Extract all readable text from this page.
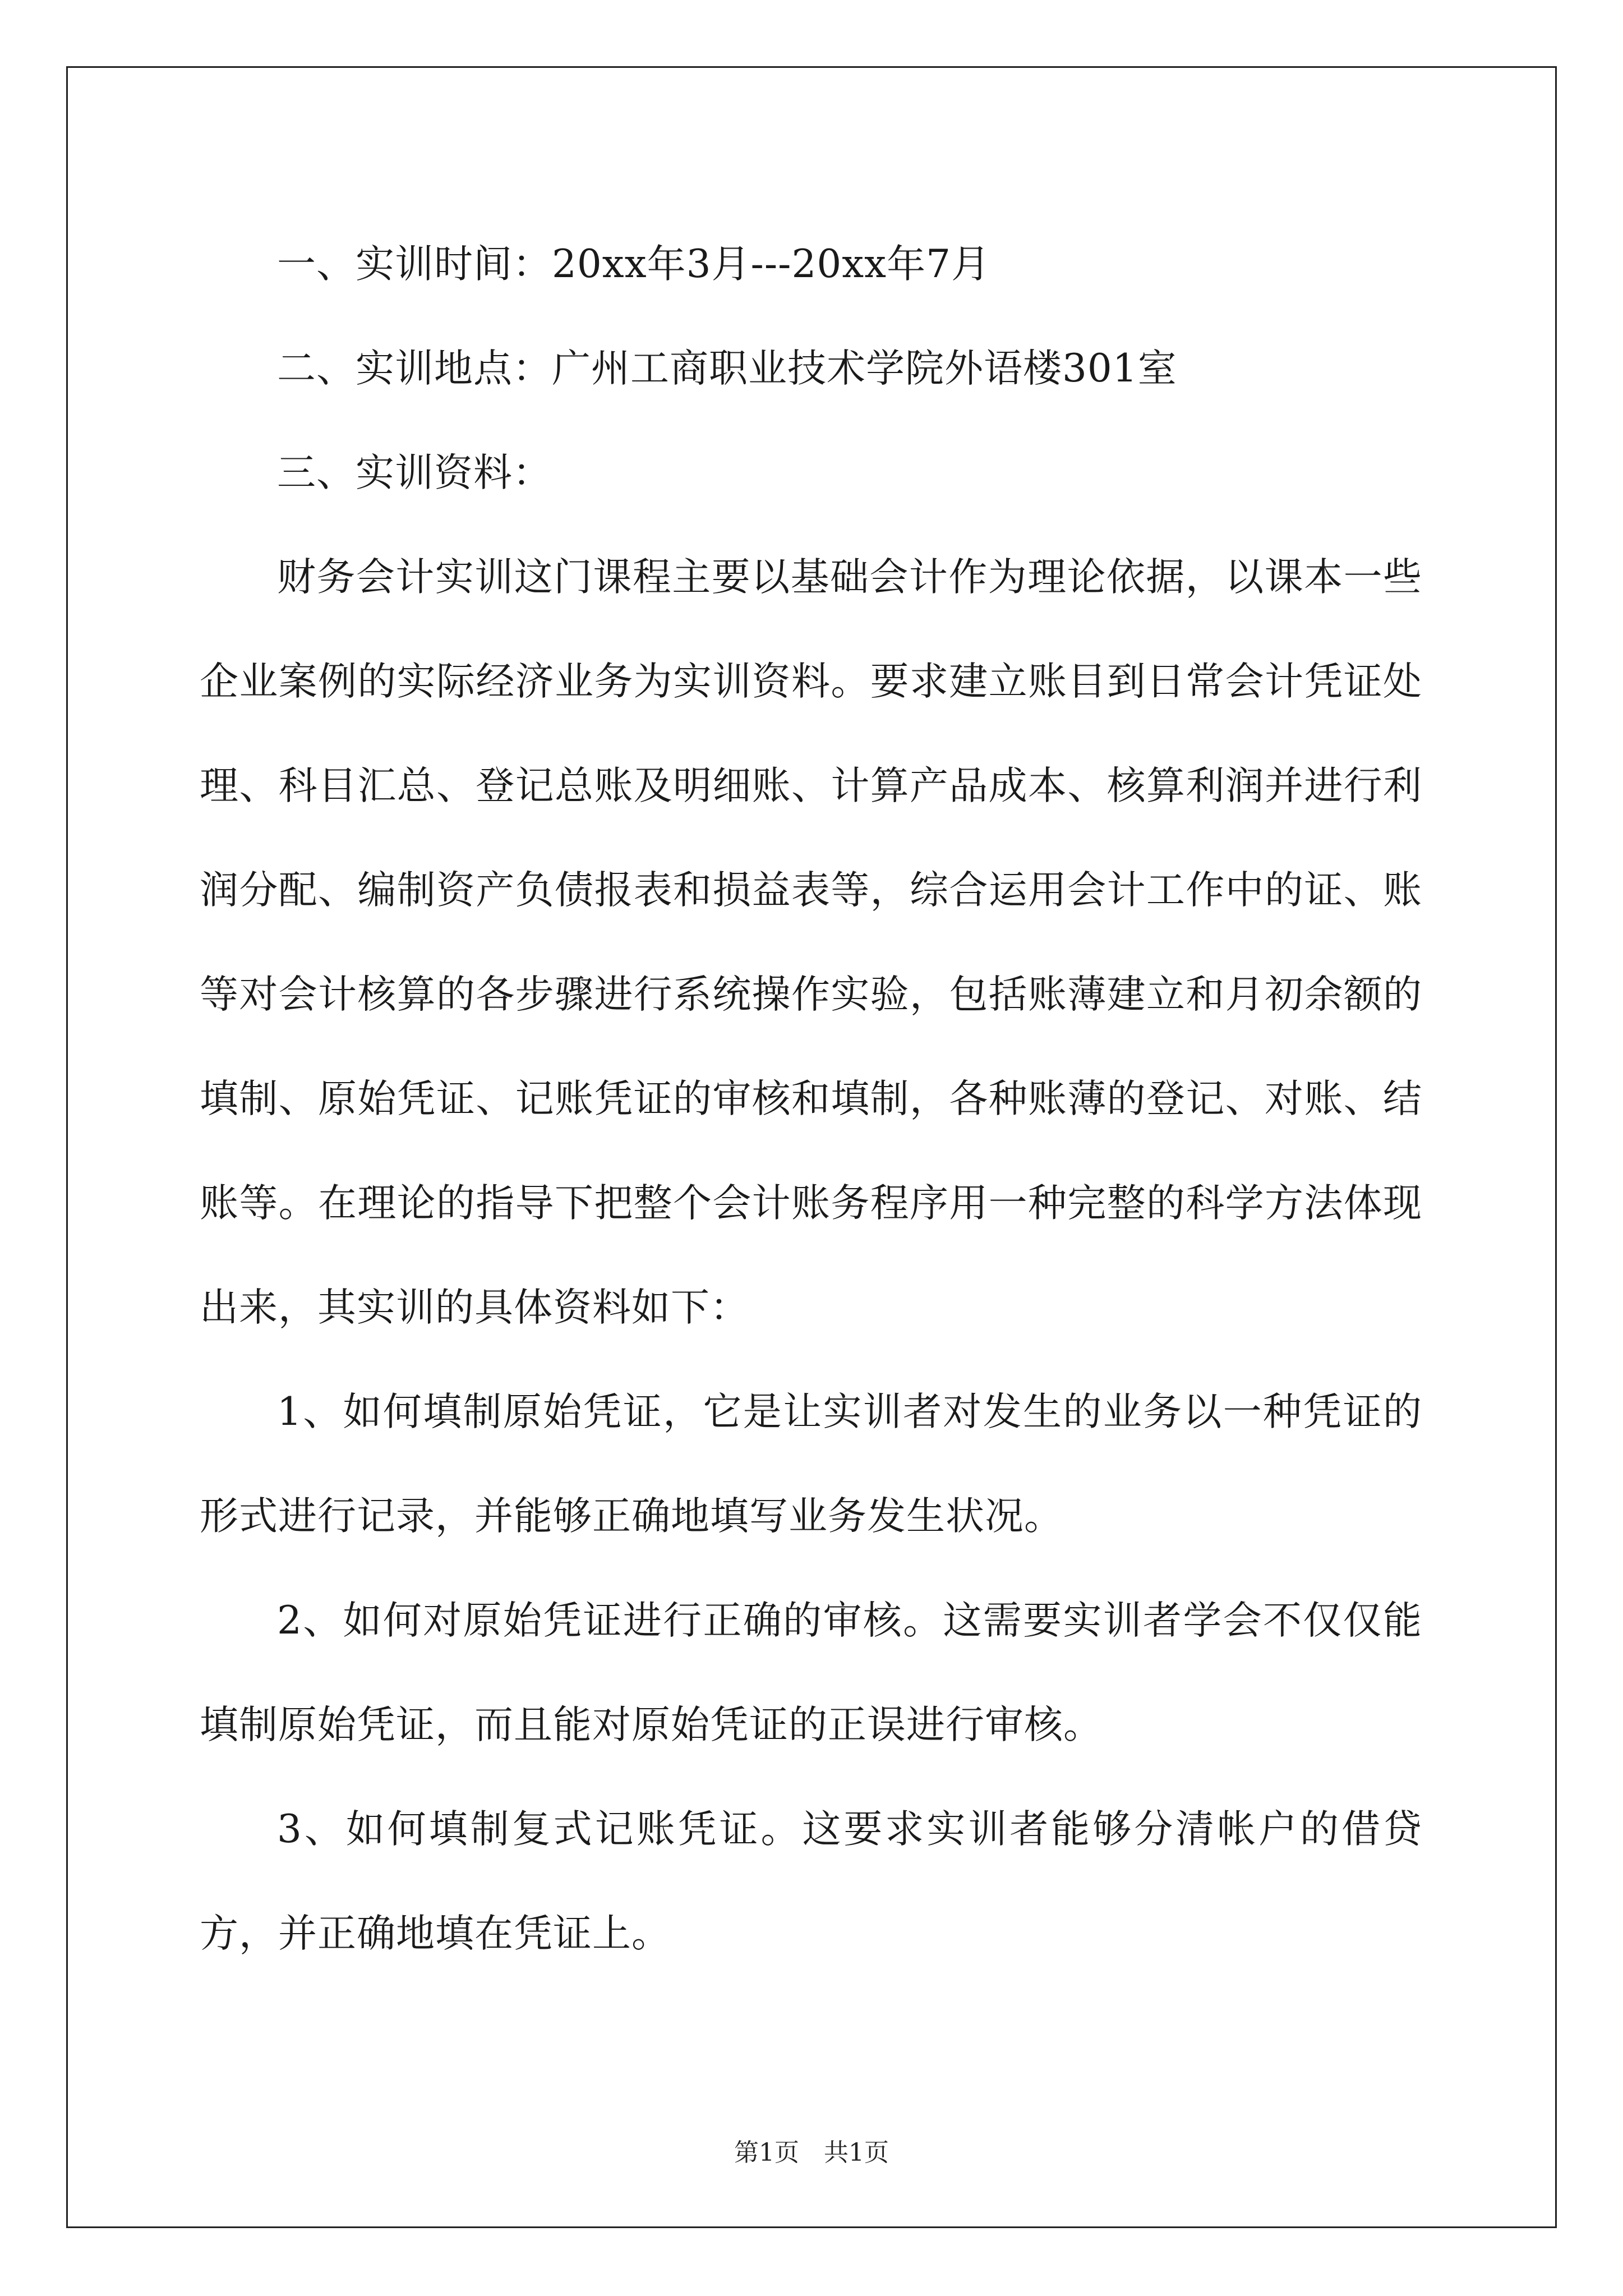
一、实训时间：20xx年3月---20xx年7月

二、实训地点：广州工商职业技术学院外语楼301室

三、实训资料：

财务会计实训这门课程主要以基础会计作为理论依据，以课本一些企业案例的实际经济业务为实训资料。要求建立账目到日常会计凭证处理、科目汇总、登记总账及明细账、计算产品成本、核算利润并进行利润分配、编制资产负债报表和损益表等，综合运用会计工作中的证、账等对会计核算的各步骤进行系统操作实验，包括账薄建立和月初余额的填制、原始凭证、记账凭证的审核和填制，各种账薄的登记、对账、结账等。在理论的指导下把整个会计账务程序用一种完整的科学方法体现出来，其实训的具体资料如下：

1、如何填制原始凭证，它是让实训者对发生的业务以一种凭证的形式进行记录，并能够正确地填写业务发生状况。

2、如何对原始凭证进行正确的审核。这需要实训者学会不仅仅能填制原始凭证，而且能对原始凭证的正误进行审核。

3、如何填制复式记账凭证。这要求实训者能够分清帐户的借贷方，并正确地填在凭证上。

第1页　共1页
